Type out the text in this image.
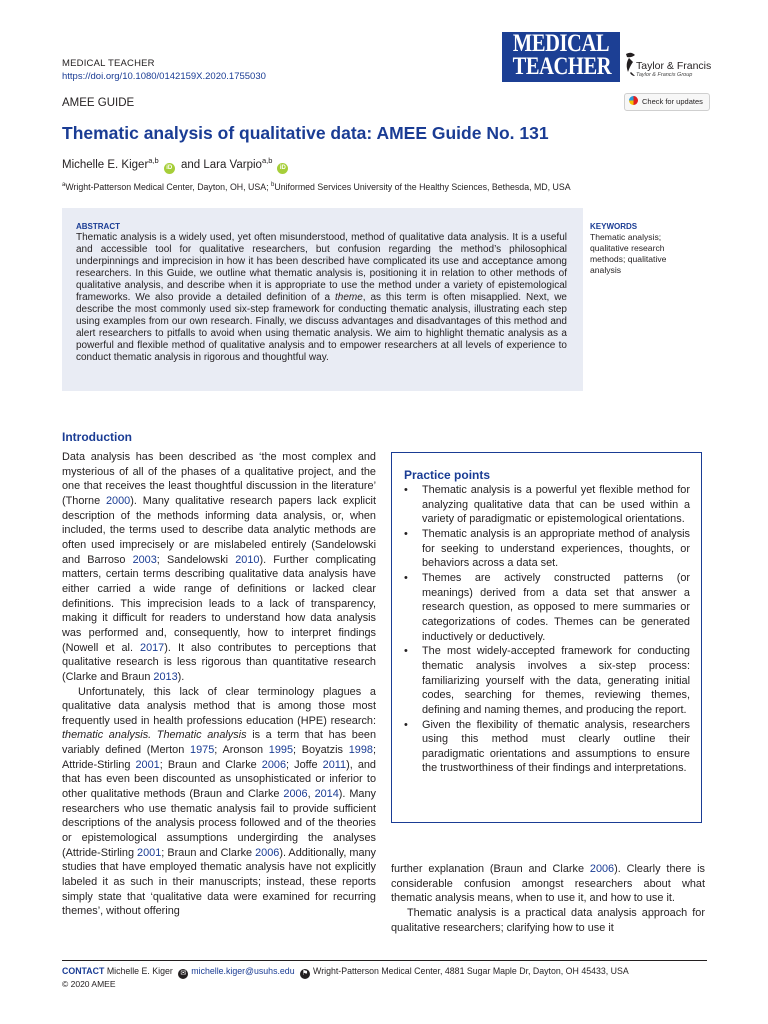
MEDICAL TEACHER
https://doi.org/10.1080/0142159X.2020.1755030
MEDICAL
TEACHER Taylor & Francis
Taylor & Francis Group
Check for updates
AMEE GUIDE
Thematic analysis of qualitative data: AMEE Guide No. 131
Michelle E. Kiger$^{a,b}$iD and Lara Varpio$^{a,b}$iD
$^a$Wright-Patterson Medical Center, Dayton, OH, USA; $^b$Uniformed Services University of the Healthy Sciences, Bethesda, MD, USA
ABSTRACT
Thematic analysis is a widely used, yet often misunderstood, method of qualitative data analysis. It is a useful and accessible tool for qualitative researchers, but confusion regarding the method’s philosophical underpinnings and imprecision in how it has been described have complicated its use and acceptance among researchers. In this Guide, we outline what thematic analysis is, positioning it in relation to other methods of qualitative analysis, and describe when it is appropriate to use the method under a variety of epistemological frameworks. We also provide a detailed definition of a theme, as this term is often misapplied. Next, we describe the most commonly used six-step framework for conducting thematic analysis, illustrating each step using examples from our own research. Finally, we discuss advantages and disadvantages of this method and alert researchers to pitfalls to avoid when using thematic analysis. We aim to highlight thematic analysis as a powerful and flexible method of qualitative analysis and to empower researchers at all levels of experience to conduct thematic analysis in rigorous and thoughtful way.
KEYWORDS
Thematic analysis; qualitative research methods; qualitative analysis
Introduction

Data analysis has been described as ‘the most complex and mysterious of all of the phases of a qualitative project, and the one that receives the least thoughtful discussion in the literature’ (Thorne 2000). Many qualitative research papers lack explicit description of the methods informing data analysis, or, when included, the terms used to describe data analytic methods are often used imprecisely or are mislabeled entirely (Sandelowski and Barroso 2003; Sandelowski 2010). Further complicating matters, certain terms describing qualitative data analysis have either carried a wide range of definitions or lacked clear definitions. This imprecision leads to a lack of transparency, making it difficult for readers to understand how data analysis was performed and, consequently, how to interpret findings (Nowell et al. 2017). It also contributes to perceptions that qualitative research is less rigorous than quantitative research (Clarke and Braun 2013).

Unfortunately, this lack of clear terminology plagues a qualitative data analysis method that is among those most frequently used in health professions education (HPE) research: thematic analysis. Thematic analysis is a term that has been variably defined (Merton 1975; Aronson 1995; Boyatzis 1998; Attride-Stirling 2001; Braun and Clarke 2006; Joffe 2011), and that has even been discounted as unsophisticated or inferior to other qualitative methods (Braun and Clarke 2006, 2014). Many researchers who use thematic analysis fail to provide sufficient descriptions of the analysis process followed and of the theories or epistemological assumptions undergirding the analyses (Attride-Stirling 2001; Braun and Clarke 2006). Additionally, many studies that have employed thematic analysis have not explicitly labeled it as such in their manuscripts; instead, these reports simply state that ‘qualitative data were examined for recurring themes’, without offering

Practice points
• Thematic analysis is a powerful yet flexible method for analyzing qualitative data that can be used within a variety of paradigmatic or epistemological orientations.
• Thematic analysis is an appropriate method of analysis for seeking to understand experiences, thoughts, or behaviors across a data set.
• Themes are actively constructed patterns (or meanings) derived from a data set that answer a research question, as opposed to mere summaries or categorizations of codes. Themes can be generated inductively or deductively.
• The most widely-accepted framework for conducting thematic analysis involves a six-step process: familiarizing yourself with the data, generating initial codes, searching for themes, reviewing themes, defining and naming themes, and producing the report.
• Given the flexibility of thematic analysis, researchers using this method must clearly outline their paradigmatic orientations and assumptions to ensure the trustworthiness of their findings and interpretations.

further explanation (Braun and Clarke 2006). Clearly there is considerable confusion amongst researchers about what thematic analysis means, when to use it, and how to use it.

Thematic analysis is a practical data analysis approach for qualitative researchers; clarifying how to use it

CONTACT Michelle E. Kiger ✉ michelle.kiger@usuhs.edu ⚑ Wright-Patterson Medical Center, 4881 Sugar Maple Dr, Dayton, OH 45433, USA
© 2020 AMEE
